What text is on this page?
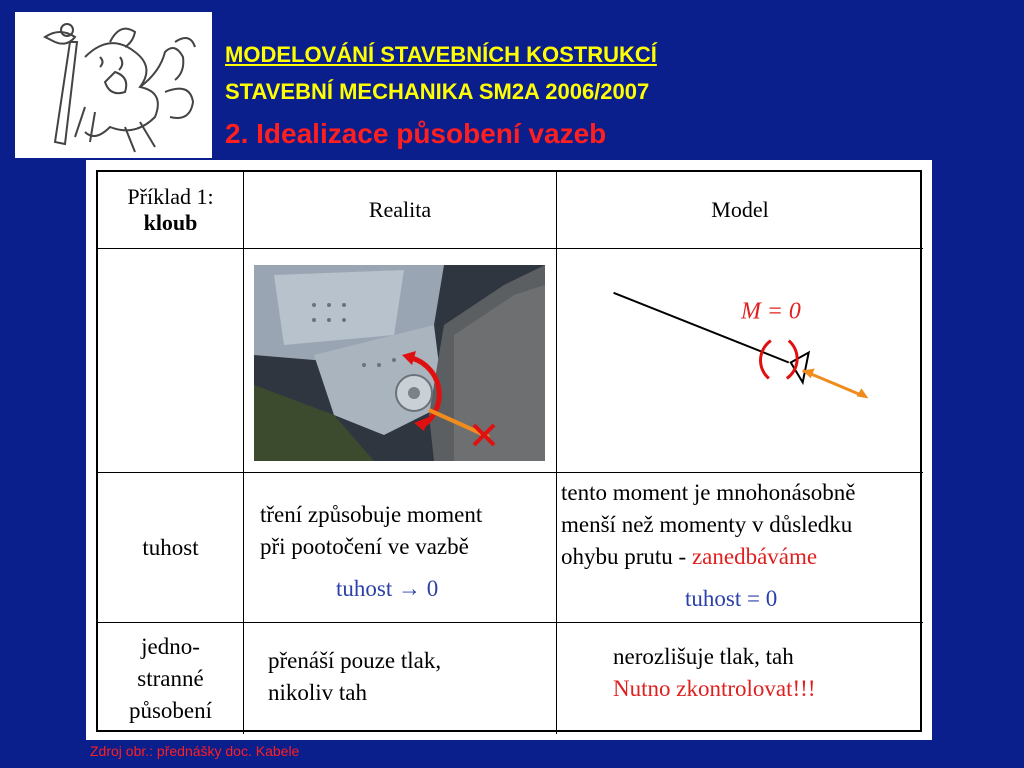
MODELOVÁNÍ STAVEBNÍCH KOSTRUKCÍ
STAVEBNÍ MECHANIKA SM2A 2006/2007
2. Idealizace působení vazeb
Příklad 1:
kloub
Realita	Model
M = 0
tuhost
tření způsobuje moment
při pootočení ve vazbě
tuhost → 0
tento moment je mnohonásobně
menší než momenty v důsledku
ohybu prutu - zanedbáváme
tuhost = 0
jedno-
stranné
působení
přenáší pouze tlak,
nikoliv tah
nerozlišuje tlak, tah
Nutno zkontrolovat!!!
Zdroj obr.: přednášky doc. Kabele
